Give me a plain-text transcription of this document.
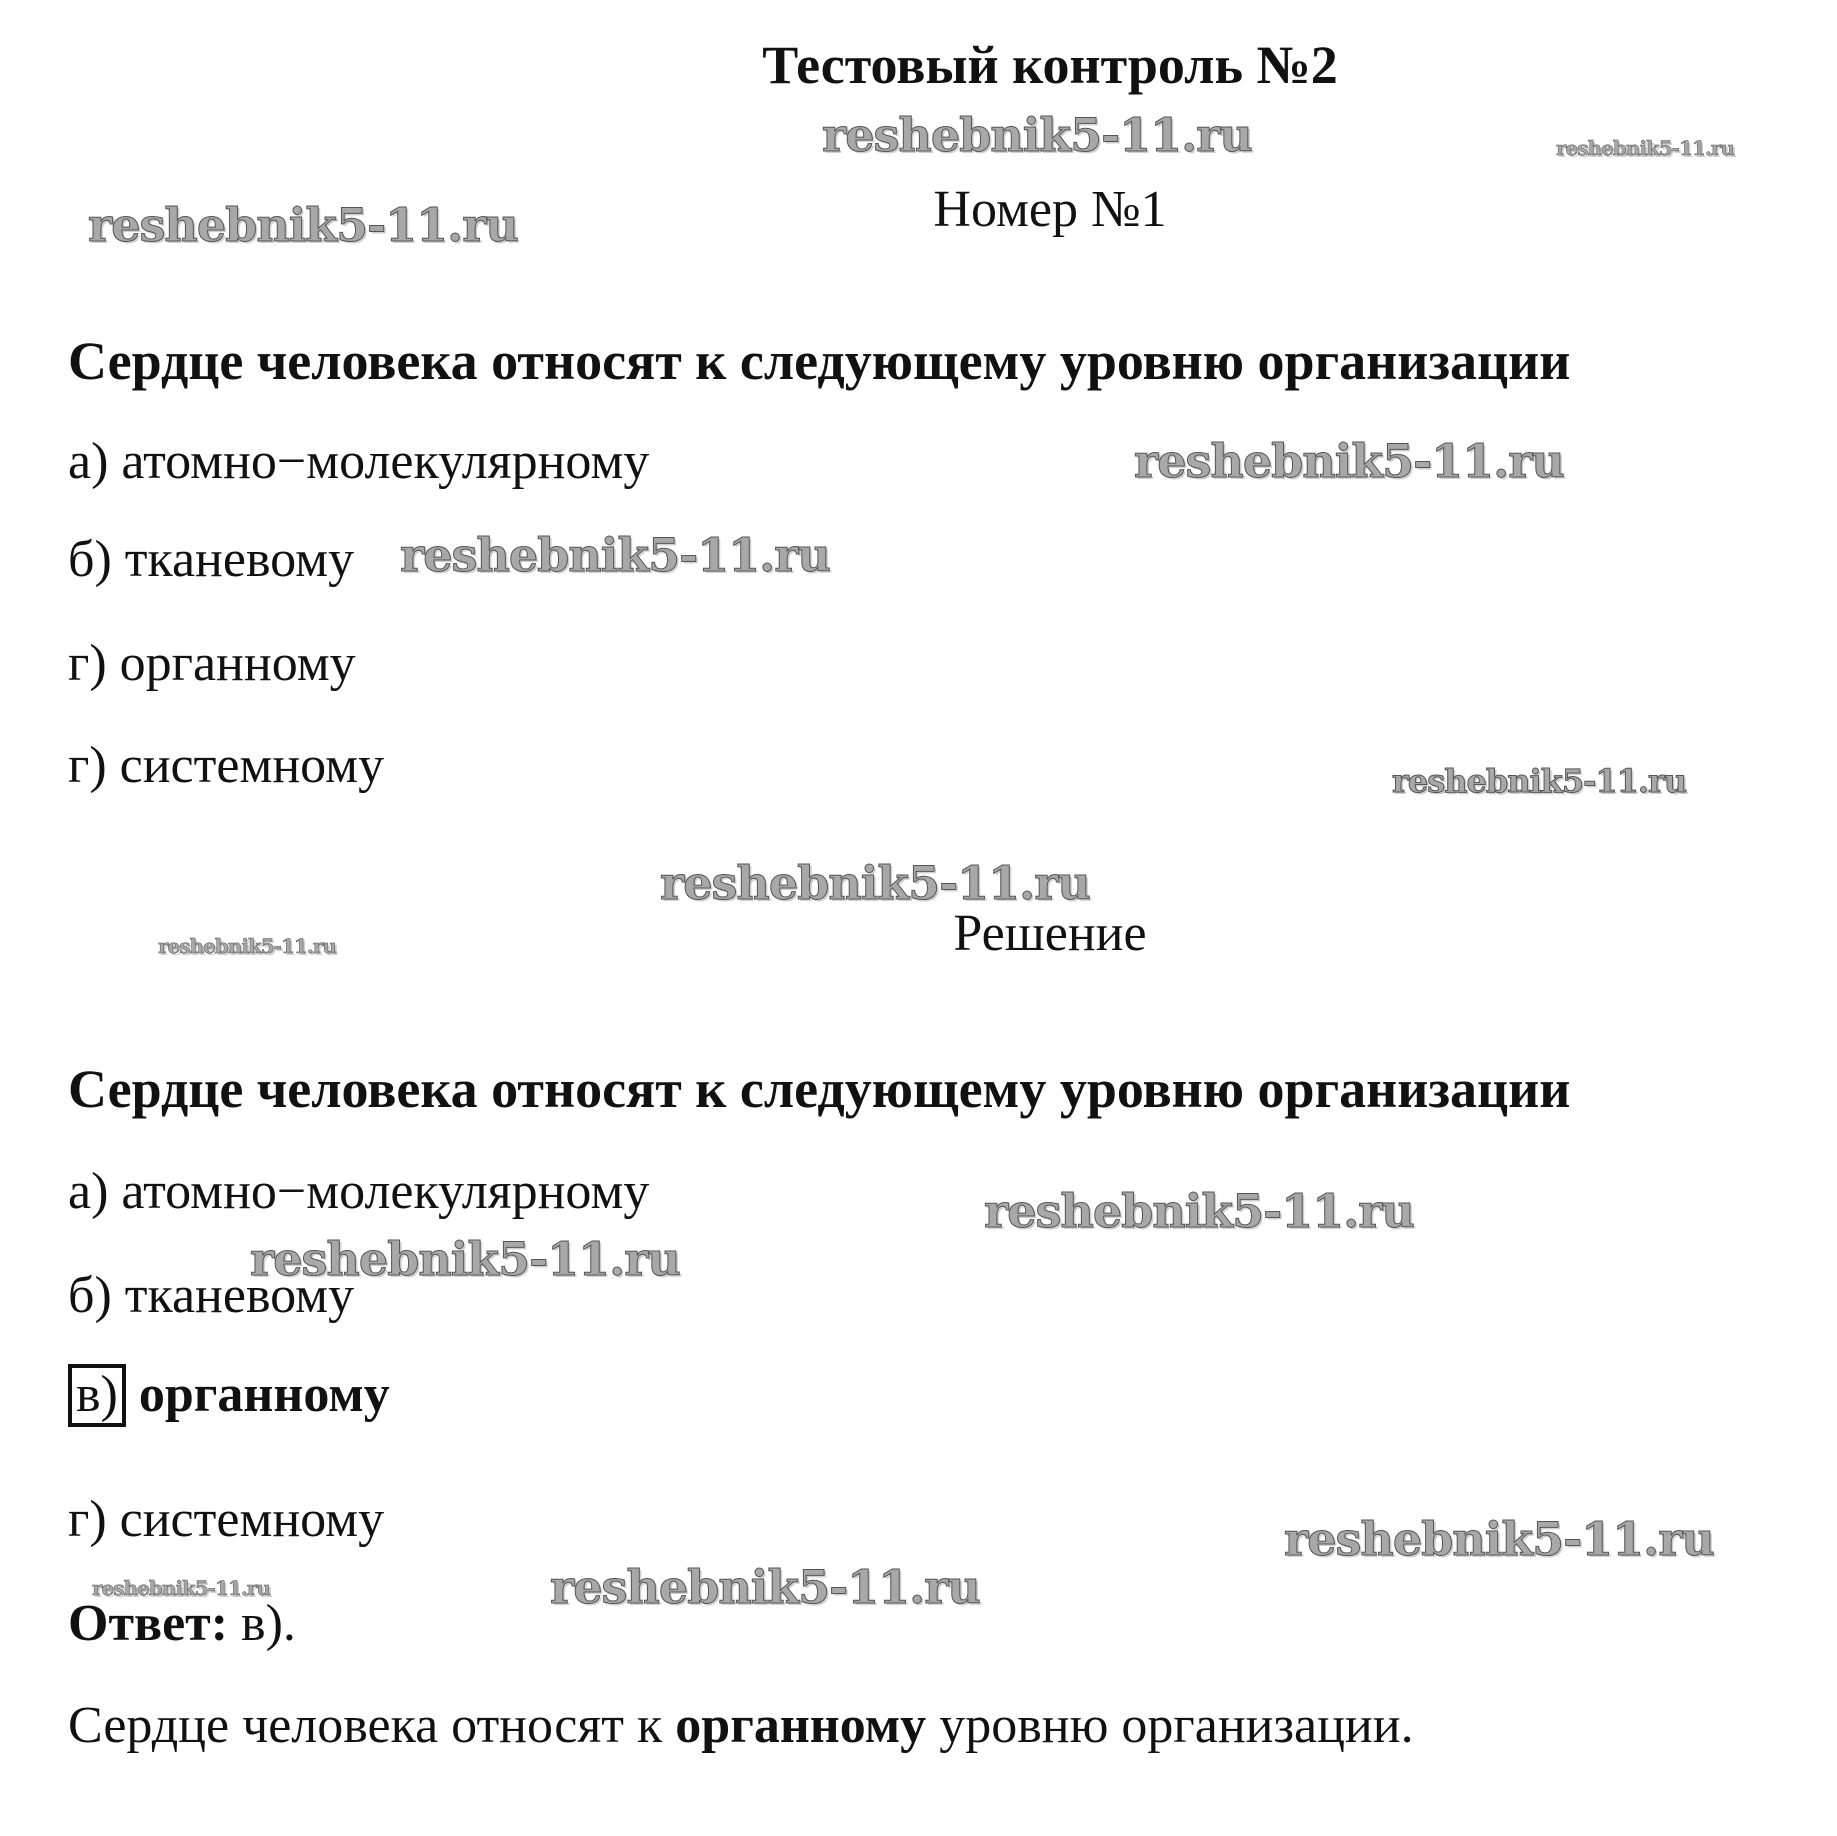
Тестовый контроль №2
Номер №1
Сердце человека относят к следующему уровню организации
а) атомно−молекулярному
б) тканевому
г) органному
г) системному
Решение
Сердце человека относят к следующему уровню организации
а) атомно−молекулярному
б) тканевому
в) органному
г) системному
Ответ: в).
Сердце человека относят к органному уровню организации.
reshebnik5-11.ru	reshebnik5-11.ru
reshebnik5-11.ru
reshebnik5-11.ru
reshebnik5-11.ru
reshebnik5-11.ru
reshebnik5-11.ru
reshebnik5-11.ru
reshebnik5-11.ru
reshebnik5-11.ru
reshebnik5-11.ru
reshebnik5-11.ru	reshebnik5-11.ru
